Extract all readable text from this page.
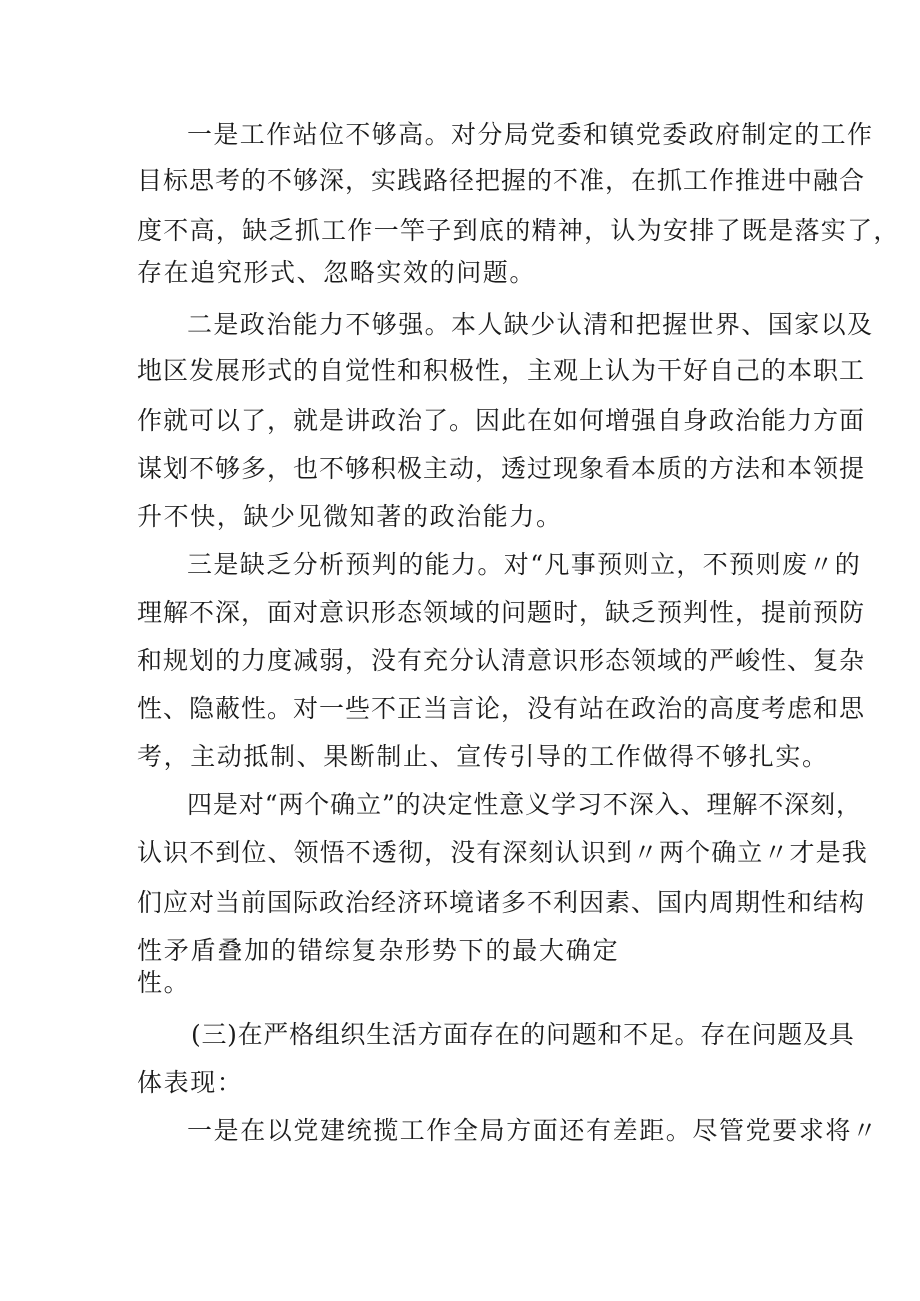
一是工作站位不够高。对分局党委和镇党委政府制定的工作
目标思考的不够深，实践路径把握的不准，在抓工作推进中融合
度不高，缺乏抓工作一竿子到底的精神，认为安排了既是落实了，
存在追究形式、忽略实效的问题。
二是政治能力不够强。本人缺少认清和把握世界、国家以及
地区发展形式的自觉性和积极性，主观上认为干好自己的本职工
作就可以了，就是讲政治了。因此在如何增强自身政治能力方面
谋划不够多，也不够积极主动，透过现象看本质的方法和本领提
升不快，缺少见微知著的政治能力。
三是缺乏分析预判的能力。对“凡事预则立，不预则废〃的
理解不深，面对意识形态领域的问题时，缺乏预判性，提前预防
和规划的力度减弱，没有充分认清意识形态领域的严峻性、复杂
性、隐蔽性。对一些不正当言论，没有站在政治的高度考虑和思
考，主动抵制、果断制止、宣传引导的工作做得不够扎实。
四是对“两个确立”的决定性意义学习不深入、理解不深刻，
认识不到位、领悟不透彻，没有深刻认识到〃两个确立〃才是我
们应对当前国际政治经济环境诸多不利因素、国内周期性和结构
性矛盾叠加的错综复杂形势下的最大确定
性。
(三)在严格组织生活方面存在的问题和不足。存在问题及具
体表现：
一是在以党建统揽工作全局方面还有差距。尽管党要求将〃
